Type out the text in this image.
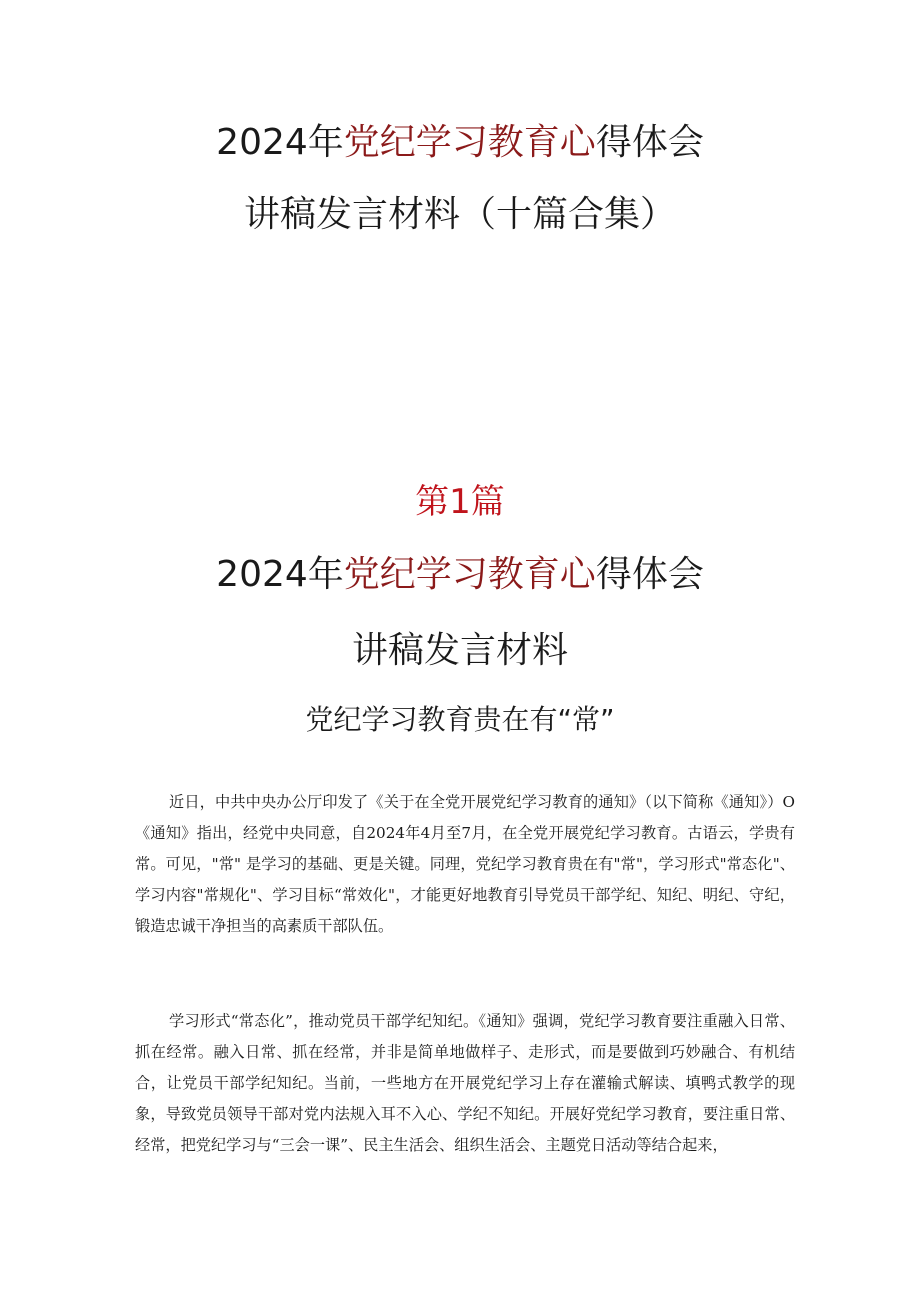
2024年党纪学习教育心得体会
讲稿发言材料（十篇合集）
第1篇
2024年党纪学习教育心得体会
讲稿发言材料
党纪学习教育贵在有“常”

近日，中共中央办公厅印发了《关于在全党开展党纪学习教育的通知》（以下简称《通知》）O《通知》指出，经党中央同意，自2024年4月至7月，在全党开展党纪学习教育。古语云，学贵有常。可见，"常" 是学习的基础、更是关键。同理，党纪学习教育贵在有"常"，学习形式"常态化"、学习内容"常规化"、学习目标“常效化"，才能更好地教育引导党员干部学纪、知纪、明纪、守纪，锻造忠诚干净担当的高素质干部队伍。

学习形式“常态化”，推动党员干部学纪知纪。《通知》强调，党纪学习教育要注重融入日常、抓在经常。融入日常、抓在经常，并非是简单地做样子、走形式，而是要做到巧妙融合、有机结合，让党员干部学纪知纪。当前，一些地方在开展党纪学习上存在灌输式解读、填鸭式教学的现象，导致党员领导干部对党内法规入耳不入心、学纪不知纪。开展好党纪学习教育，要注重日常、经常，把党纪学习与“三会一课”、民主生活会、组织生活会、主题党日活动等结合起来，
